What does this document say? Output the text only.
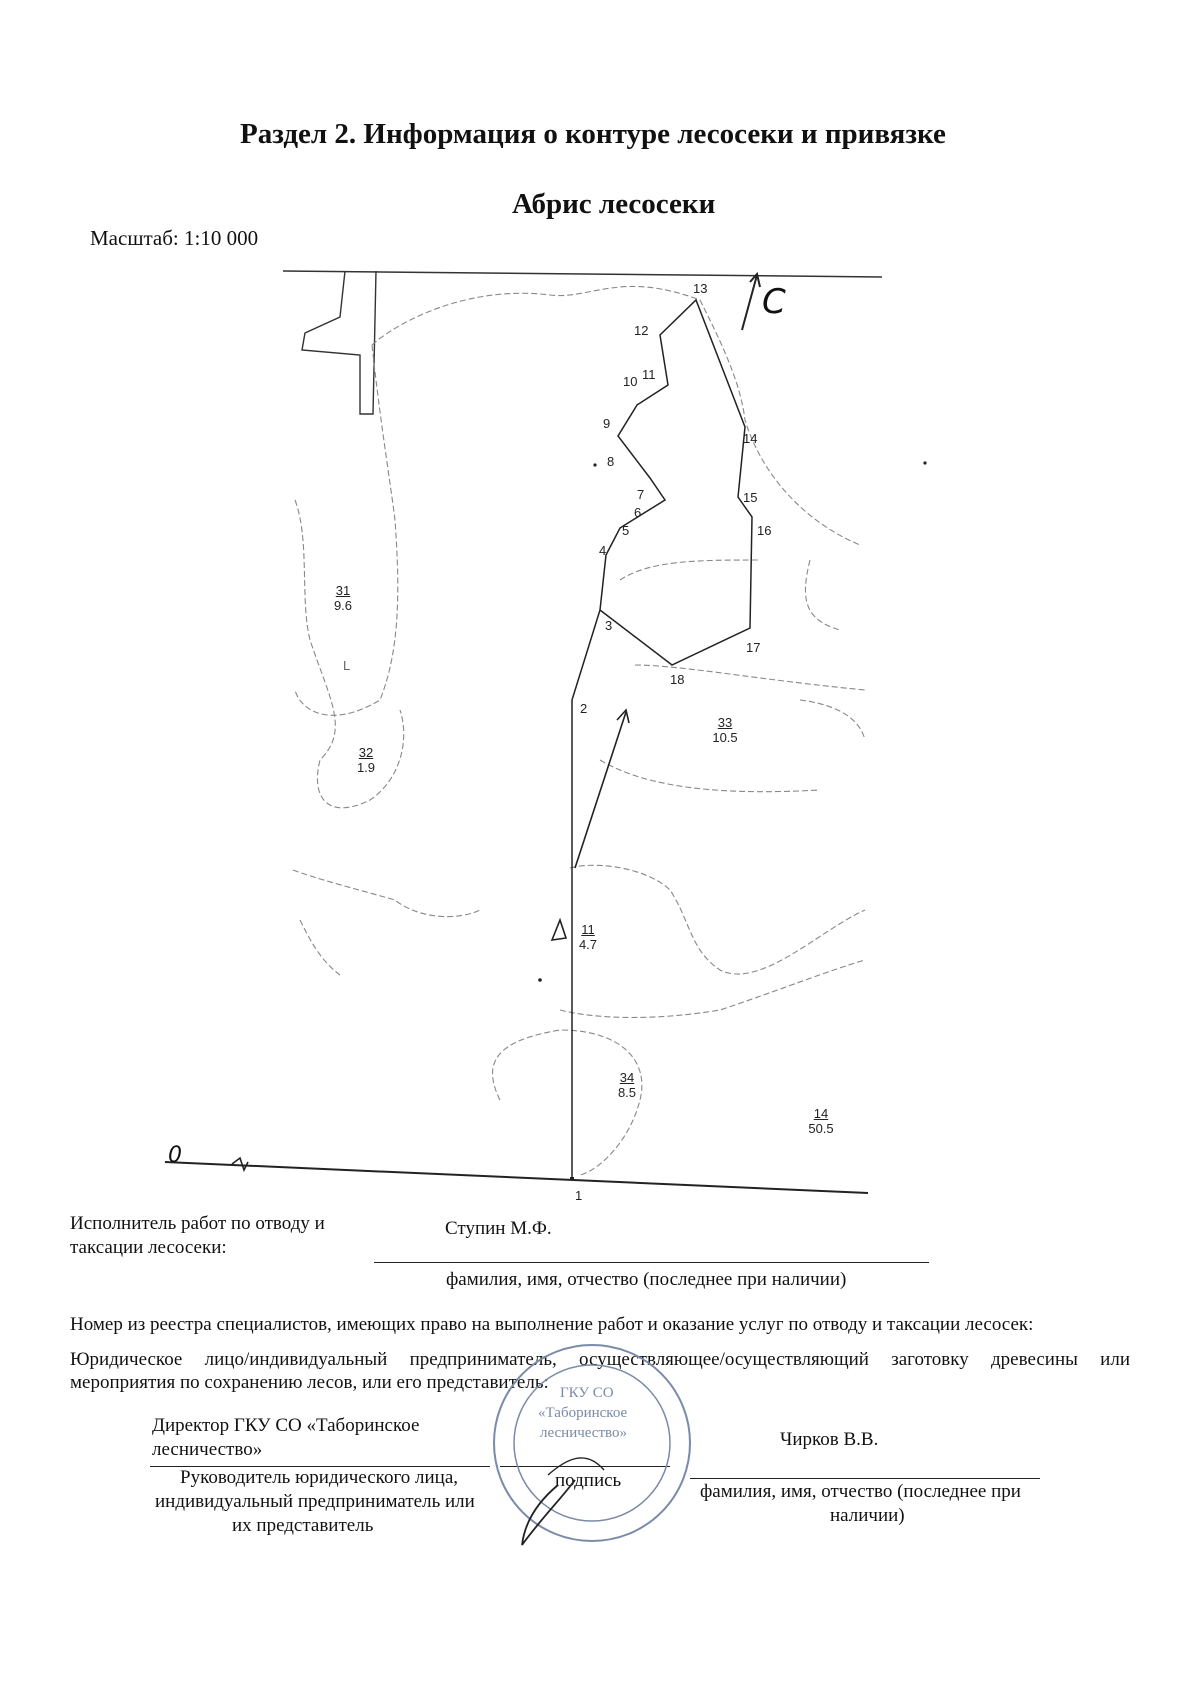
Раздел 2. Информация о контуре лесосеки и привязке
Абрис лесосеки
Масштаб: 1:10 000
С
0
1
2
3
4
5
6
7
8
9
10 11
12
13
14
15
16
17
18
31
9.6
32
1.9
33
10.5
11
4.7
34
8.5
14
50.5
L
Исполнитель работ по отводу и
таксации лесосеки:
Ступин М.Ф.
фамилия, имя, отчество (последнее при наличии)
Номер из реестра специалистов, имеющих право на выполнение работ и оказание услуг по отводу и таксации лесосек:
Юридическое лицо/индивидуальный предприниматель, осуществляющее/осуществляющий заготовку древесины или
мероприятия по сохранению лесов, или его представитель:
Директор ГКУ СО «Таборинское
лесничество»	Чирков В.В.
Руководитель юридического лица,
индивидуальный предприниматель или
их представитель
подпись
фамилия, имя, отчество (последнее при
наличии)
ГКУ СО
«Таборинское
лесничество»
